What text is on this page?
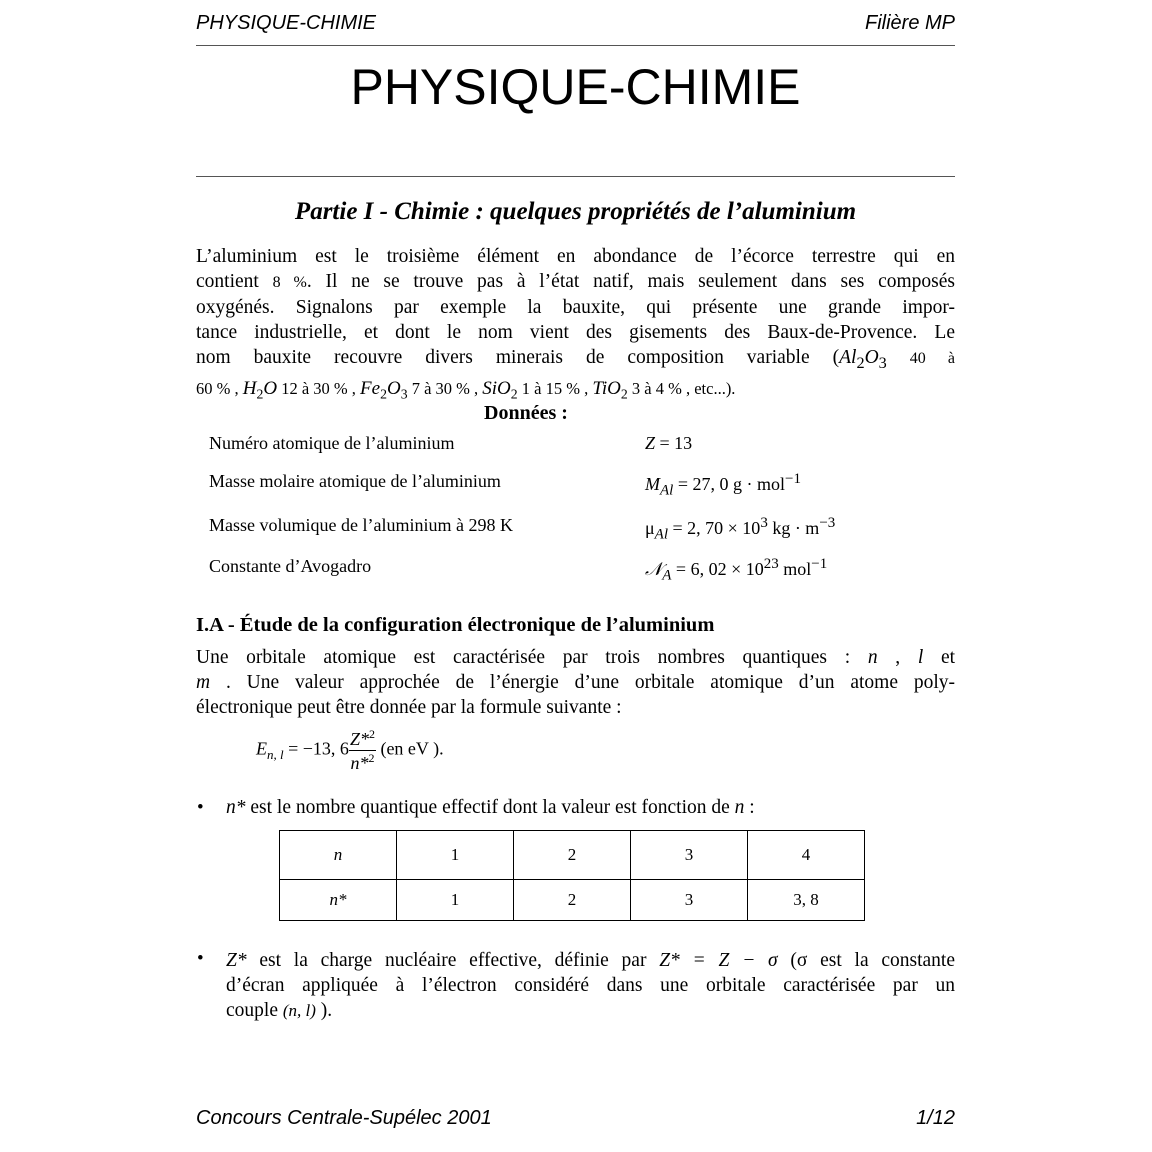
PHYSIQUE-CHIMIE	Filière MP
PHYSIQUE-CHIMIE
Partie I - Chimie : quelques propriétés de l’aluminium
L’aluminium est le troisième élément en abondance de l’écorce terrestre qui en
contient 8 %. Il ne se trouve pas à l’état natif, mais seulement dans ses composés
oxygénés. Signalons par exemple la bauxite, qui présente une grande impor-
tance industrielle, et dont le nom vient des gisements des Baux-de-Provence. Le
nom bauxite recouvre divers minerais de composition variable ($Al_2O_3$ 40 à
60 % , $H_2O$ 12 à 30 % , $Fe_2O_3$ 7 à 30 % , SiO$_2$ 1 à 15 % , TiO$_2$ 3 à 4 % , etc...).
Données :
Numéro atomique de l’aluminium	Z = 13
Masse molaire atomique de l’aluminium	$M_{Al} = 27$, 0 g · mol$^{-1}$
Masse volumique de l’aluminium à 298 K	$\mu_{Al} = 2$, $70 \times 10^3$ kg · $m^{-3}$
Constante d’Avogadro	𝒩$_A$ = 6, $02 \times 10^{23}$ mol$^{-1}$
I.A - Étude de la configuration électronique de l’aluminium
Une orbitale atomique est caractérisée par trois nombres quantiques : n , l et
m . Une valeur approchée de l’énergie d’une orbitale atomique d’un atome poly-
électronique peut être donnée par la formule suivante :
$E_{n, l} = -13$, $6 \frac{Z*^2}{n*^2} (en$ eV ).
• n* est le nombre quantique effectif dont la valeur est fonction de n :
n	1	2	3	4
n*	1	2	3	3, 8
• Z* est la charge nucléaire effective, définie par Z* = Z − σ (σ est la constante
d’écran appliquée à l’électron considéré dans une orbitale caractérisée par un
couple (n, l) ).
Concours Centrale-Supélec 2001	1/12
